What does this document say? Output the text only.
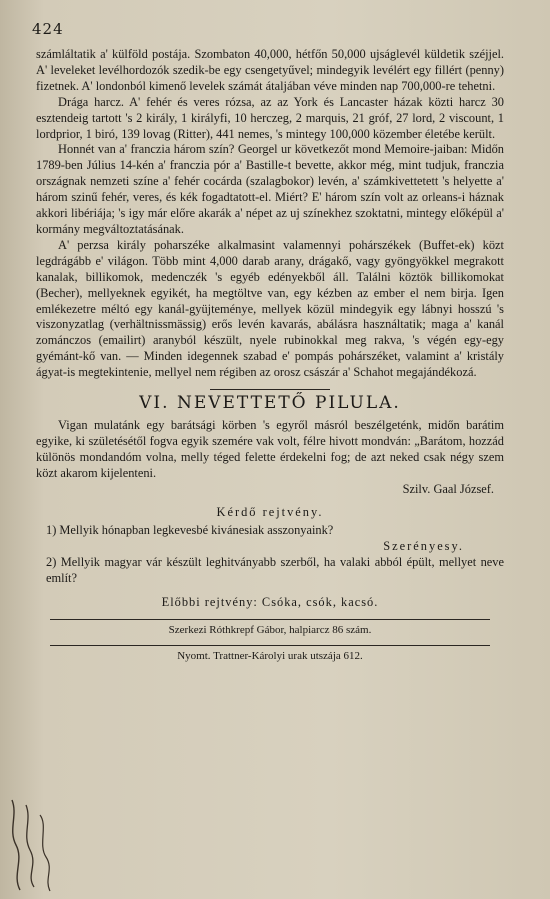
424

számláltatik a' külföld postája. Szombaton 40,000, hétfőn 50,000 ujságlevél küldetik széjjel. A' leveleket levélhordozók szedik-be egy csengetyűvel; mindegyik levélért egy fillért (penny) fizetnek. A' londonból kimenő levelek számát átaljában véve minden nap 700,000-re tehetni.

Drága harcz. A' fehér és veres rózsa, az az York és Lancaster házak közti harcz 30 esztendeig tartott 's 2 király, 1 királyfi, 10 herczeg, 2 marquis, 21 gróf, 27 lord, 2 viscount, 1 lordprior, 1 biró, 139 lovag (Ritter), 441 nemes, 's mintegy 100,000 közember életébe került.

Honnét van a' franczia három szín? Georgel ur következőt mond Memoire-jaiban: Midőn 1789-ben Július 14-kén a' franczia pór a' Bastille-t bevette, akkor még, mint tudjuk, franczia országnak nemzeti színe a' fehér cocárda (szalagbokor) levén, a' számkivettetett 's helyette a' három szinű fehér, veres, és kék fogadtatott-el. Miért? E' három szín volt az orleans-i háznak akkori libériája; 's igy már előre akarák a' népet az uj színekhez szoktatni, mintegy előképül a' kormány megváltoztatásának.

A' perzsa király poharszéke alkalmasint valamennyi pohárszékek (Buffet-ek) közt legdrágább e' világon. Több mint 4,000 darab arany, drágakő, vagy gyöngyökkel megrakott kanalak, billikomok, medenczék 's egyéb edényekből áll. Találni köztök billikomokat (Becher), mellyeknek egyikét, ha megtöltve van, egy kézben az ember el nem birja. Igen emlékezetre méltó egy kanál-gyüjteménye, mellyek közül mindegyik egy lábnyi hosszú 's viszonyzatlag (verhältnissmässig) erős levén kavarás, abálásra használtatik; maga a' kanál zománczos (emailirt) aranyból készült, nyele rubinokkal meg rakva, 's végén egy-egy gyémánt-kő van. — Minden idegennek szabad e' pompás pohárszéket, valamint a' kristály ágyat-is megtekintenie, mellyel nem régiben az orosz császár a' Schahot megajándékozá.

VI. NEVETTETŐ PILULA.

Vigan mulatánk egy barátsági körben 's egyről másról beszélgeténk, midőn barátim egyike, ki születésétől fogva egyik szemére vak volt, félre hivott mondván: „Barátom, hozzád különös mondandóm volna, melly téged felette érdekelni fog; de azt neked csak négy szem közt akarom kijelenteni.

Szilv. Gaal József.
Kérdő rejtvény.

1) Mellyik hónapban legkevesbé kivánesiak asszonyaink?

Szerényesy.

2) Mellyik magyar vár készült leghitványabb szerből, ha valaki abból épült, mellyet neve említ?

Előbbi rejtvény: Csóka, csók, kacsó.
Szerkezi Róthkrepf Gábor, halpiarcz 86 szám.
Nyomt. Trattner-Károlyi urak utszája 612.
